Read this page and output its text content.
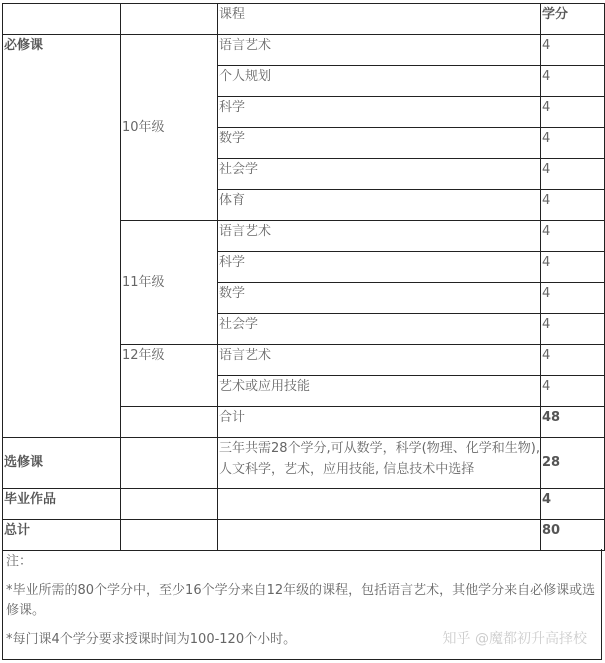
		课程	学分
必修课	10年级	语言艺术	4
		个人规划	4
		科学	4
		数学	4
		社会学	4
		体育	4
	11年级	语言艺术	4
		科学	4
		数学	4
		社会学	4
	12年级	语言艺术	4
		艺术或应用技能	4
		合计	48
选修课		三年共需28个学分,可从数学，科学(物理、化学和生物),人文科学，艺术，应用技能, 信息技术中选择	28
毕业作品			4
总计			80

注：

*毕业所需的80个学分中，至少16个学分来自12年级的课程，包括语言艺术，其他学分来自必修课或选修课。

*每门课4个学分要求授课时间为100-120个小时。	知乎 @魔都初升高择校
